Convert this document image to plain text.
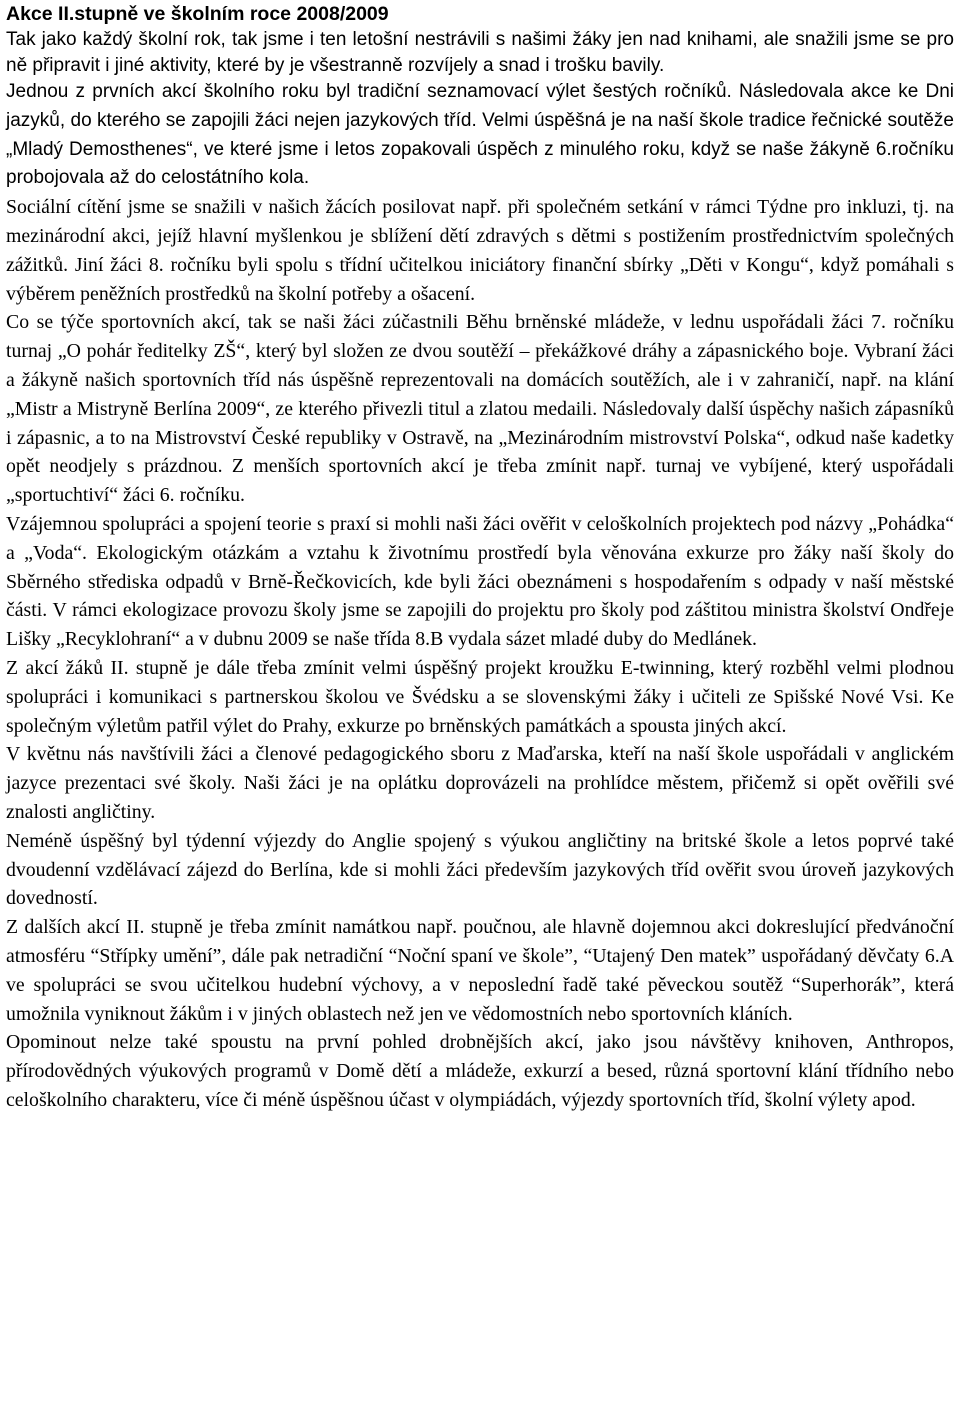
Akce II.stupně ve školním roce 2008/2009

Tak jako každý školní rok, tak jsme i ten letošní nestrávili s našimi žáky jen nad knihami, ale snažili jsme se pro ně připravit i jiné aktivity, které by je všestranně rozvíjely a snad i trošku bavily.

Jednou z prvních akcí školního roku byl tradiční seznamovací výlet šestých ročníků. Následovala akce ke Dni jazyků, do kterého se zapojili žáci nejen jazykových tříd. Velmi úspěšná je na naší škole tradice řečnické soutěže „Mladý Demosthenes“, ve které jsme i letos zopakovali úspěch z minulého roku, když se naše žákyně 6.ročníku probojovala až do celostátního kola.

Sociální cítění jsme se snažili v našich žácích posilovat např. při společném setkání v rámci Týdne pro inkluzi, tj. na mezinárodní akci, jejíž hlavní myšlenkou je sblížení dětí zdravých s dětmi s postižením prostřednictvím společných zážitků. Jiní žáci 8. ročníku byli spolu s třídní učitelkou iniciátory finanční sbírky „Děti v Kongu“, když pomáhali s výběrem peněžních prostředků na školní potřeby a ošacení.

Co se týče sportovních akcí, tak se naši žáci zúčastnili Běhu brněnské mládeže, v lednu uspořádali žáci 7. ročníku turnaj „O pohár ředitelky ZŠ“, který byl složen ze dvou soutěží – překážkové dráhy a zápasnického boje. Vybraní žáci a žákyně našich sportovních tříd nás úspěšně reprezentovali na domácích soutěžích, ale i v zahraničí, např. na klání „Mistr a Mistryně Berlína 2009“, ze kterého přivezli titul a zlatou medaili. Následovaly další úspěchy našich zápasníků i zápasnic, a to na Mistrovství České republiky v Ostravě, na „Mezinárodním mistrovství Polska“, odkud naše kadetky opět neodjely s prázdnou. Z menších sportovních akcí je třeba zmínit např. turnaj ve vybíjené, který uspořádali „sportuchtiví“ žáci 6. ročníku.

Vzájemnou spolupráci a spojení teorie s praxí si mohli naši žáci ověřit v celoškolních projektech pod názvy „Pohádka“ a „Voda“. Ekologickým otázkám a vztahu k životnímu prostředí byla věnována exkurze pro žáky naší školy do Sběrného střediska odpadů v Brně-Řečkovicích, kde byli žáci obeznámeni s hospodařením s odpady v naší městské části. V rámci ekologizace provozu školy jsme se zapojili do projektu pro školy pod záštitou ministra školství Ondřeje Lišky „Recyklohraní“ a v dubnu 2009 se naše třída 8.B vydala sázet mladé duby do Medlánek.

Z akcí žáků II. stupně je dále třeba zmínit velmi úspěšný projekt kroužku E-twinning, který rozběhl velmi plodnou spolupráci i komunikaci s partnerskou školou ve Švédsku a se slovenskými žáky i učiteli ze Spišské Nové Vsi. Ke společným výletům patřil výlet do Prahy, exkurze po brněnských památkách a spousta jiných akcí.

V květnu nás navštívili žáci a členové pedagogického sboru z Maďarska, kteří na naší škole uspořádali v anglickém jazyce prezentaci své školy. Naši žáci je na oplátku doprovázeli na prohlídce městem, přičemž si opět ověřili své znalosti angličtiny.

Neméně úspěšný byl týdenní výjezdy do Anglie spojený s výukou angličtiny na britské škole a letos poprvé také dvoudenní vzdělávací zájezd do Berlína, kde si mohli žáci především jazykových tříd ověřit svou úroveň jazykových dovedností.

Z dalších akcí II. stupně je třeba zmínit namátkou např. poučnou, ale hlavně dojemnou akci dokreslující předvánoční atmosféru “Střípky umění”, dále pak netradiční “Noční spaní ve škole”, “Utajený Den matek” uspořádaný děvčaty 6.A ve spolupráci se svou učitelkou hudební výchovy, a v neposlední řadě také pěveckou soutěž “Superhorák”, která umožnila vyniknout žákům i v jiných oblastech než jen ve vědomostních nebo sportovních kláních.

Opominout nelze také spoustu na první pohled drobnějších akcí, jako jsou návštěvy knihoven, Anthropos, přírodovědných výukových programů v Domě dětí a mládeže, exkurzí a besed, různá sportovní klání třídního nebo celoškolního charakteru, více či méně úspěšnou účast v olympiádách, výjezdy sportovních tříd, školní výlety apod.
